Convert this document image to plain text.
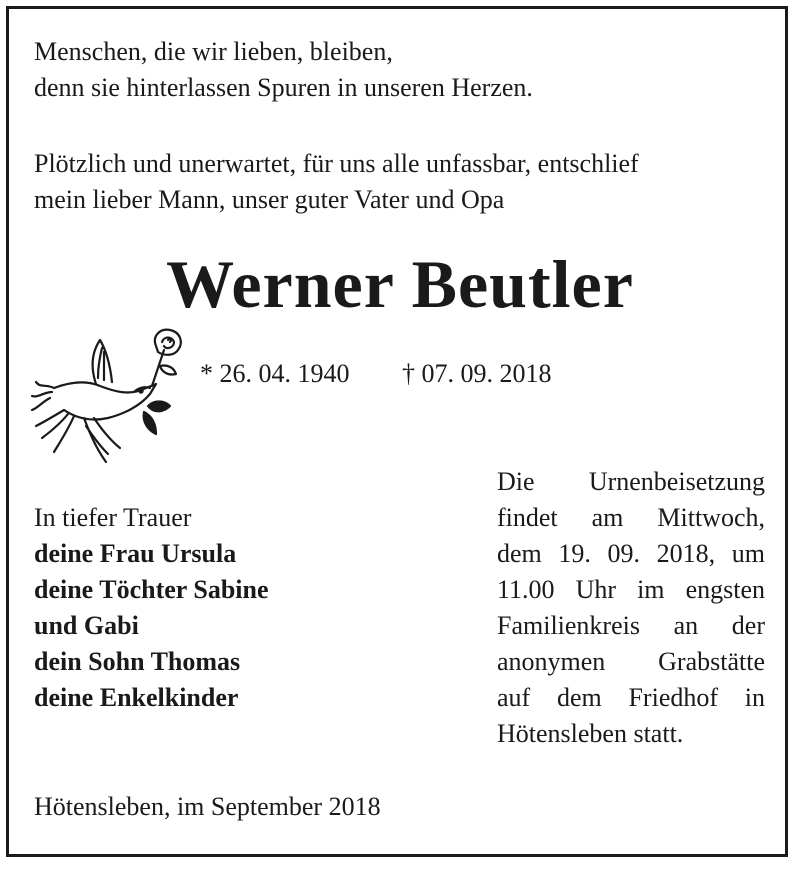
Menschen, die wir lieben, bleiben,
denn sie hinterlassen Spuren in unseren Herzen.
Plötzlich und unerwartet, für uns alle unfassbar, entschlief
mein lieber Mann, unser guter Vater und Opa
Werner Beutler
* 26. 04. 1940 † 07. 09. 2018
In tiefer Trauer
deine Frau Ursula
deine Töchter Sabine
und Gabi
dein Sohn Thomas
deine Enkelkinder
Die Urnenbeisetzung
findet am Mittwoch,
dem 19. 09. 2018, um
11.00 Uhr im engsten
Familienkreis an der
anonymen Grabstätte
auf dem Friedhof in
Hötensleben statt.
Hötensleben, im September 2018
